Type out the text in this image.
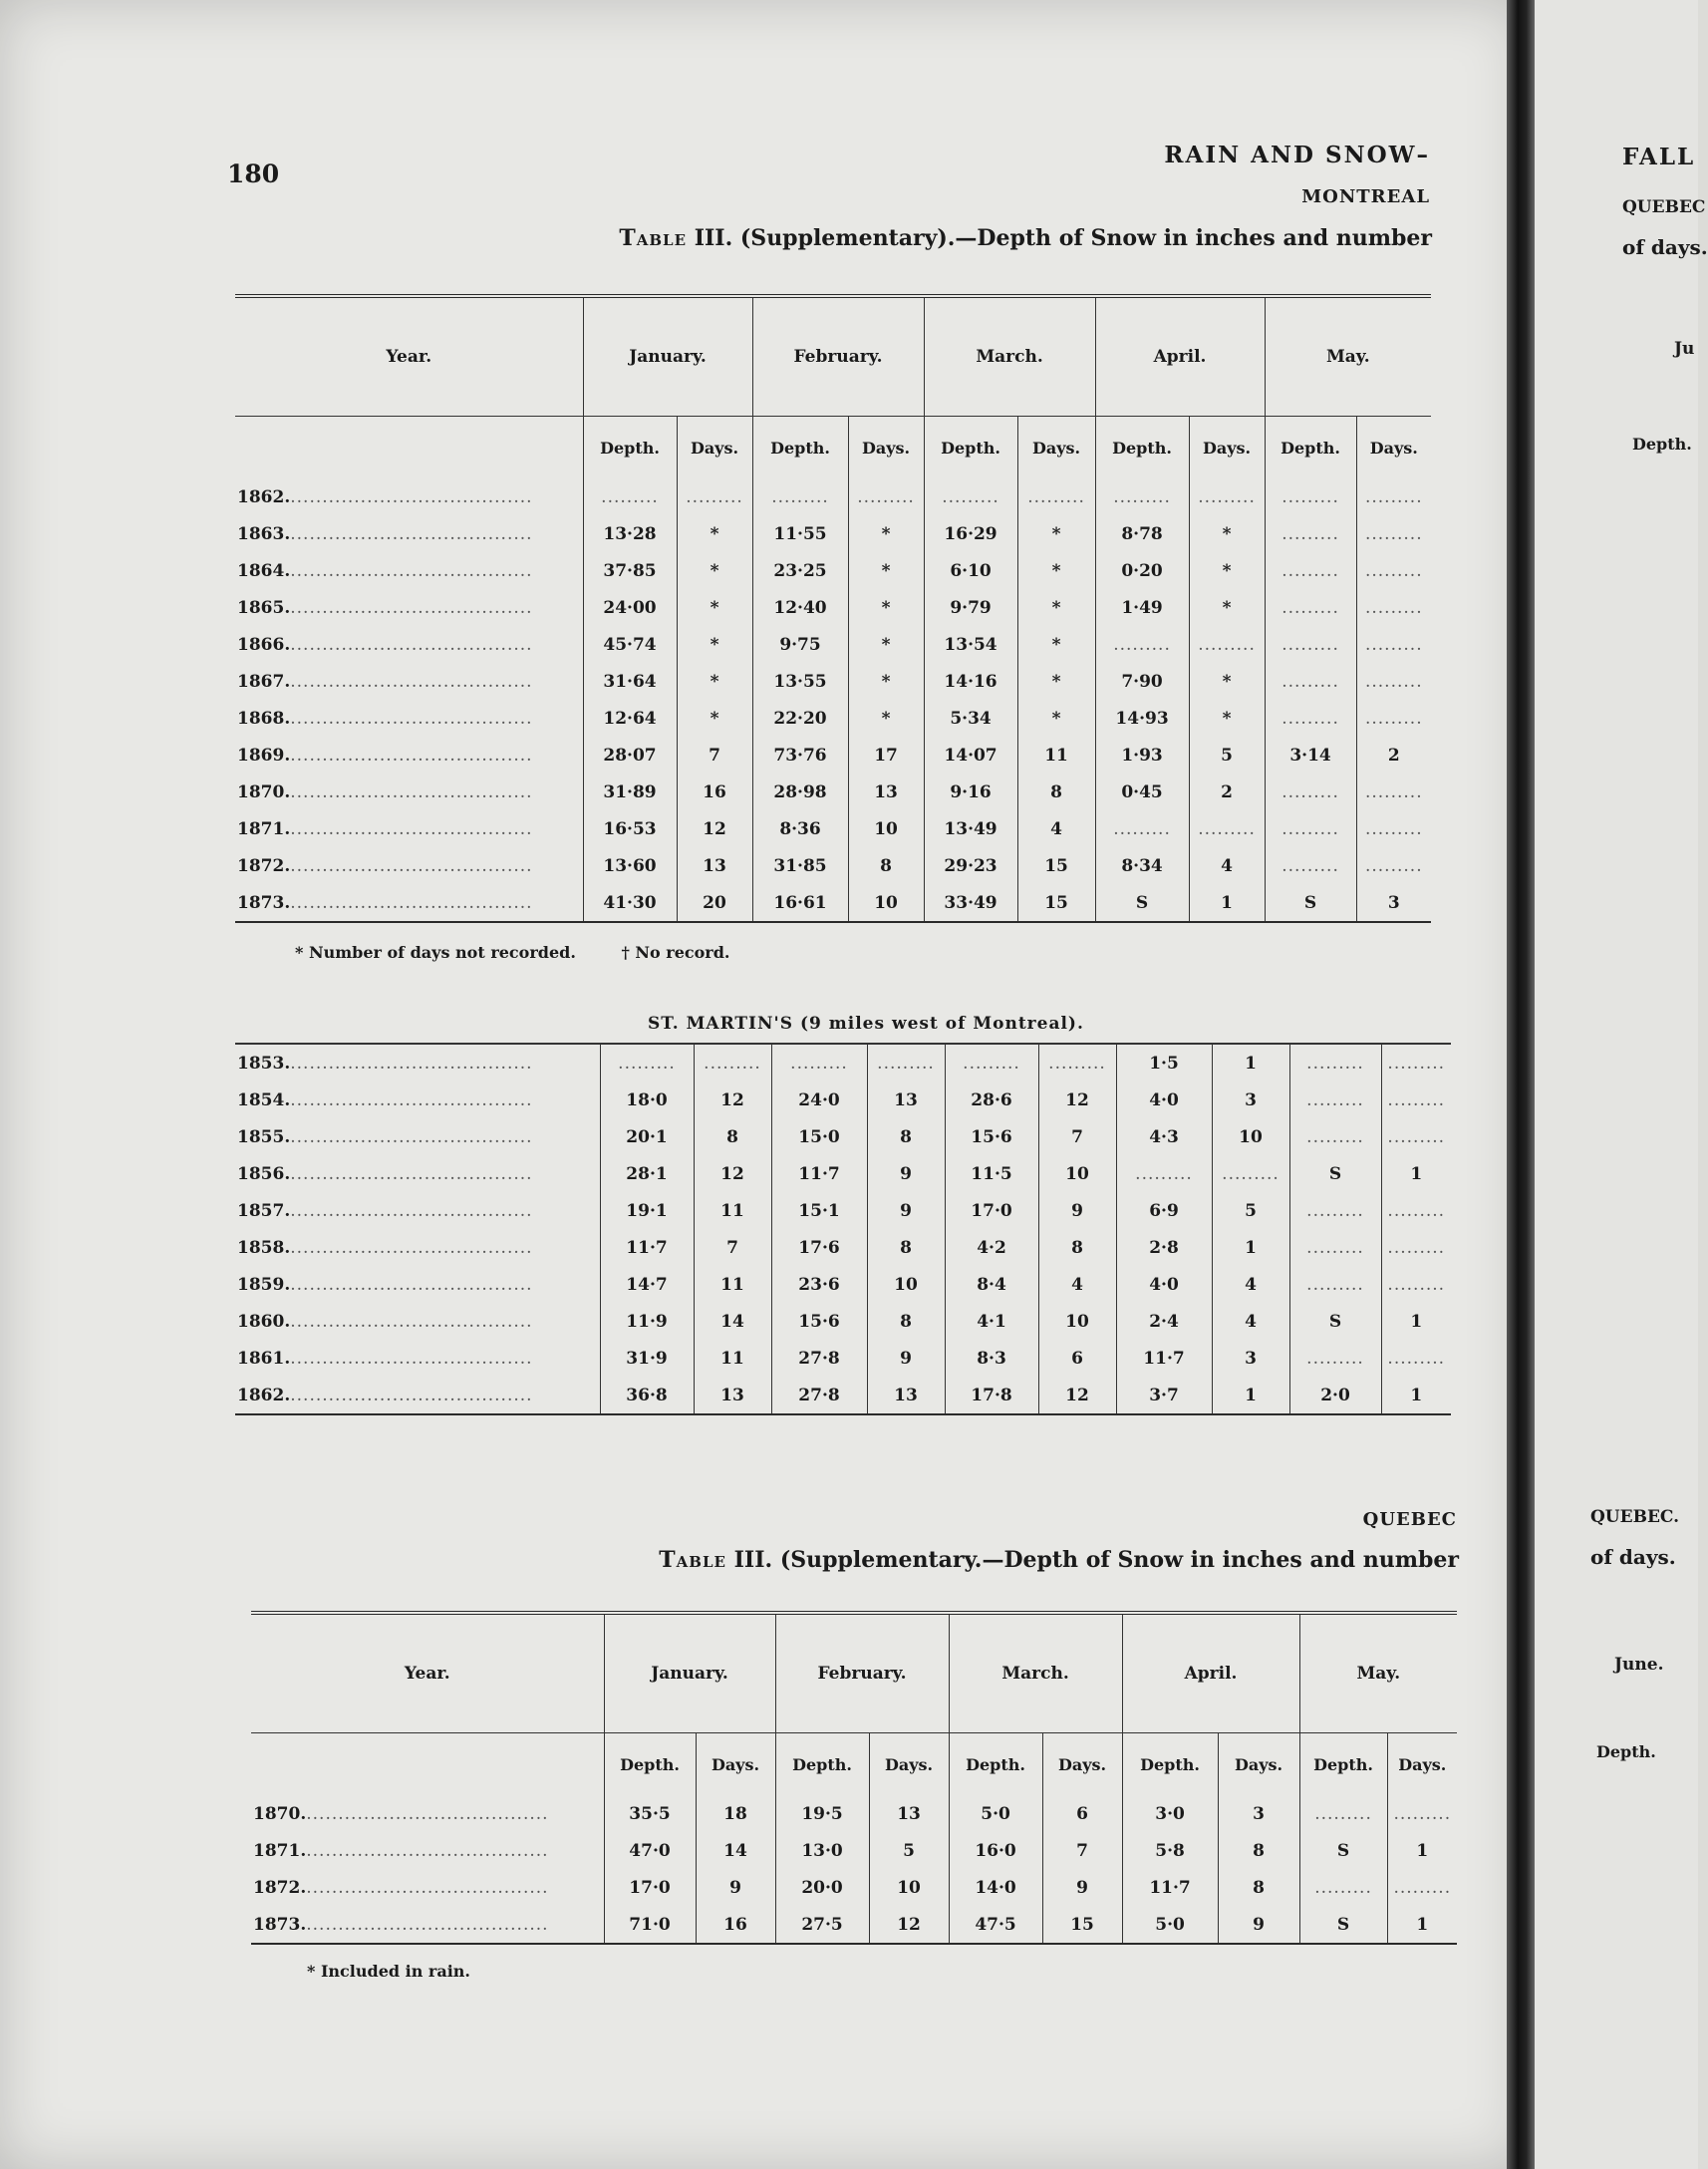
180
RAIN AND SNOW–
MONTREAL
Table III. (Supplementary).—Depth of Snow in inches and number
Year.	January.		February.		March.		April.		May.	
	Depth.	Days.	Depth.	Days.	Depth.	Days.	Depth.	Days.	Depth.	Days.
1862.......................................	.........	.........	.........	.........	.........	.........	.........	.........	.........	.........
1863.......................................	13·28	*	11·55	*	16·29	*	8·78	*	.........	.........
1864.......................................	37·85	*	23·25	*	6·10	*	0·20	*	.........	.........
1865.......................................	24·00	*	12·40	*	9·79	*	1·49	*	.........	.........
1866.......................................	45·74	*	9·75	*	13·54	*	.........	.........	.........	.........
1867.......................................	31·64	*	13·55	*	14·16	*	7·90	*	.........	.........
1868.......................................	12·64	*	22·20	*	5·34	*	14·93	*	.........	.........
1869.......................................	28·07	7	73·76	17	14·07	11	1·93	5	3·14	2
1870.......................................	31·89	16	28·98	13	9·16	8	0·45	2	.........	.........
1871.......................................	16·53	12	8·36	10	13·49	4	.........	.........	.........	.........
1872.......................................	13·60	13	31·85	8	29·23	15	8·34	4	.........	.........
1873.......................................	41·30	20	16·61	10	33·49	15	S	1	S	3
* Number of days not recorded.	† No record.
ST. MARTIN'S (9 miles west of Montreal).
1853.......................................	.........	.........	.........	.........	.........	.........	1·5	1	.........	.........
1854.......................................	18·0	12	24·0	13	28·6	12	4·0	3	.........	.........
1855.......................................	20·1	8	15·0	8	15·6	7	4·3	10	.........	.........
1856.......................................	28·1	12	11·7	9	11·5	10	.........	.........	S	1
1857.......................................	19·1	11	15·1	9	17·0	9	6·9	5	.........	.........
1858.......................................	11·7	7	17·6	8	4·2	8	2·8	1	.........	.........
1859.......................................	14·7	11	23·6	10	8·4	4	4·0	4	.........	.........
1860.......................................	11·9	14	15·6	8	4·1	10	2·4	4	S	1
1861.......................................	31·9	11	27·8	9	8·3	6	11·7	3	.........	.........
1862.......................................	36·8	13	27·8	13	17·8	12	3·7	1	2·0	1
QUEBEC
Table III. (Supplementary.—Depth of Snow in inches and number
Year.	January.		February.		March.		April.		May.	
	Depth.	Days.	Depth.	Days.	Depth.	Days.	Depth.	Days.	Depth.	Days.
1870.......................................	35·5	18	19·5	13	5·0	6	3·0	3	.........	.........
1871.......................................	47·0	14	13·0	5	16·0	7	5·8	8	S	1
1872.......................................	17·0	9	20·0	10	14·0	9	11·7	8	.........	.........
1873.......................................	71·0	16	27·5	12	47·5	15	5·0	9	S	1
* Included in rain.
FALL
QUEBEC
of days.
Ju
Depth.
QUEBEC.
of days.
June.
Depth.
